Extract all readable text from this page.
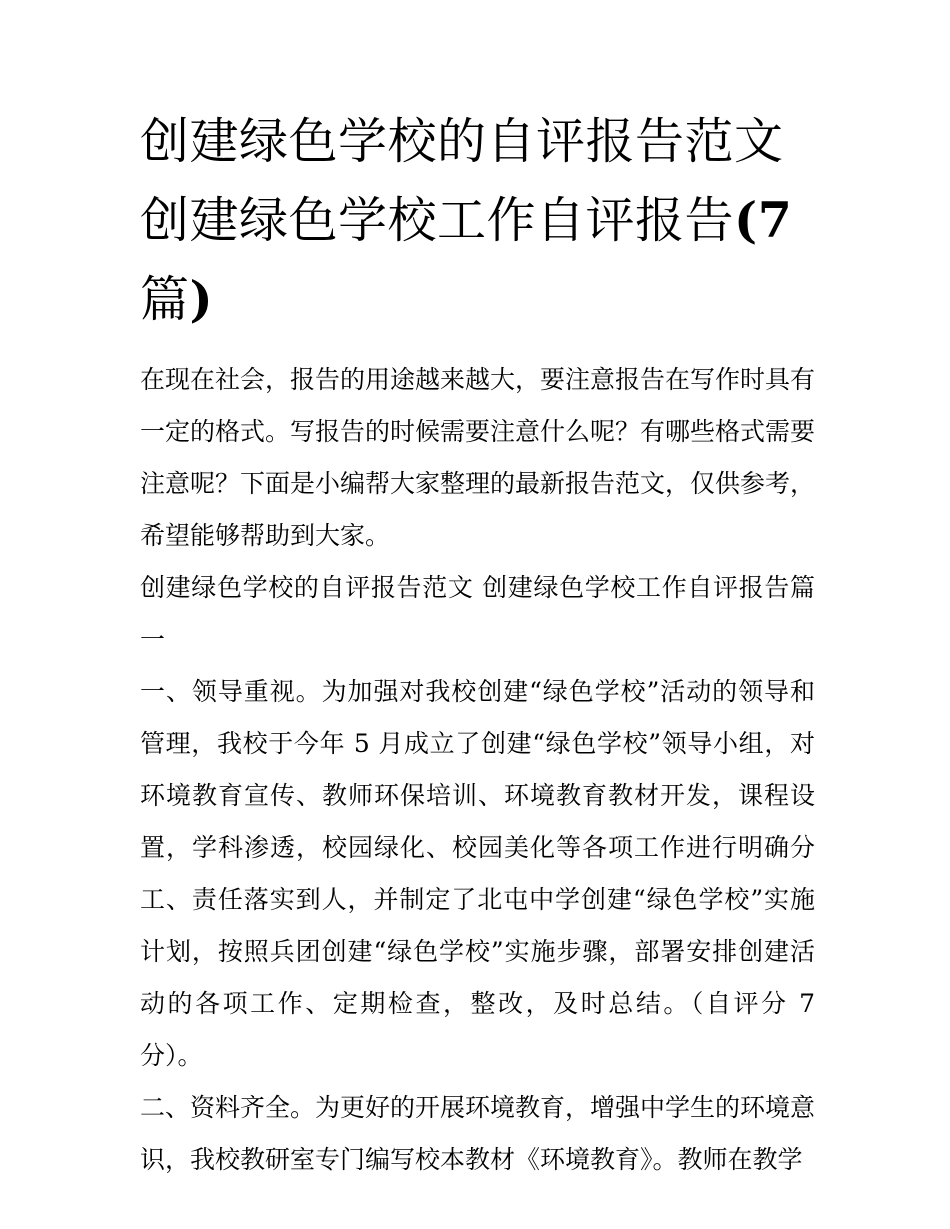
创建绿色学校的自评报告范文
创建绿色学校工作自评报告(7
篇)

在现在社会，报告的用途越来越大，要注意报告在写作时具有一定的格式。写报告的时候需要注意什么呢？有哪些格式需要注意呢？下面是小编帮大家整理的最新报告范文，仅供参考，希望能够帮助到大家。

创建绿色学校的自评报告范文 创建绿色学校工作自评报告篇一

一、领导重视。为加强对我校创建“绿色学校”活动的领导和管理，我校于今年 5 月成立了创建“绿色学校”领导小组，对环境教育宣传、教师环保培训、环境教育教材开发，课程设置，学科渗透，校园绿化、校园美化等各项工作进行明确分工、责任落实到人，并制定了北屯中学创建“绿色学校”实施计划，按照兵团创建“绿色学校”实施步骤，部署安排创建活动的各项工作、定期检查，整改，及时总结。（自评分 7 分）。

二、资料齐全。为更好的开展环境教育，增强中学生的环境意识，我校教研室专门编写校本教材《环境教育》。教师在教学
